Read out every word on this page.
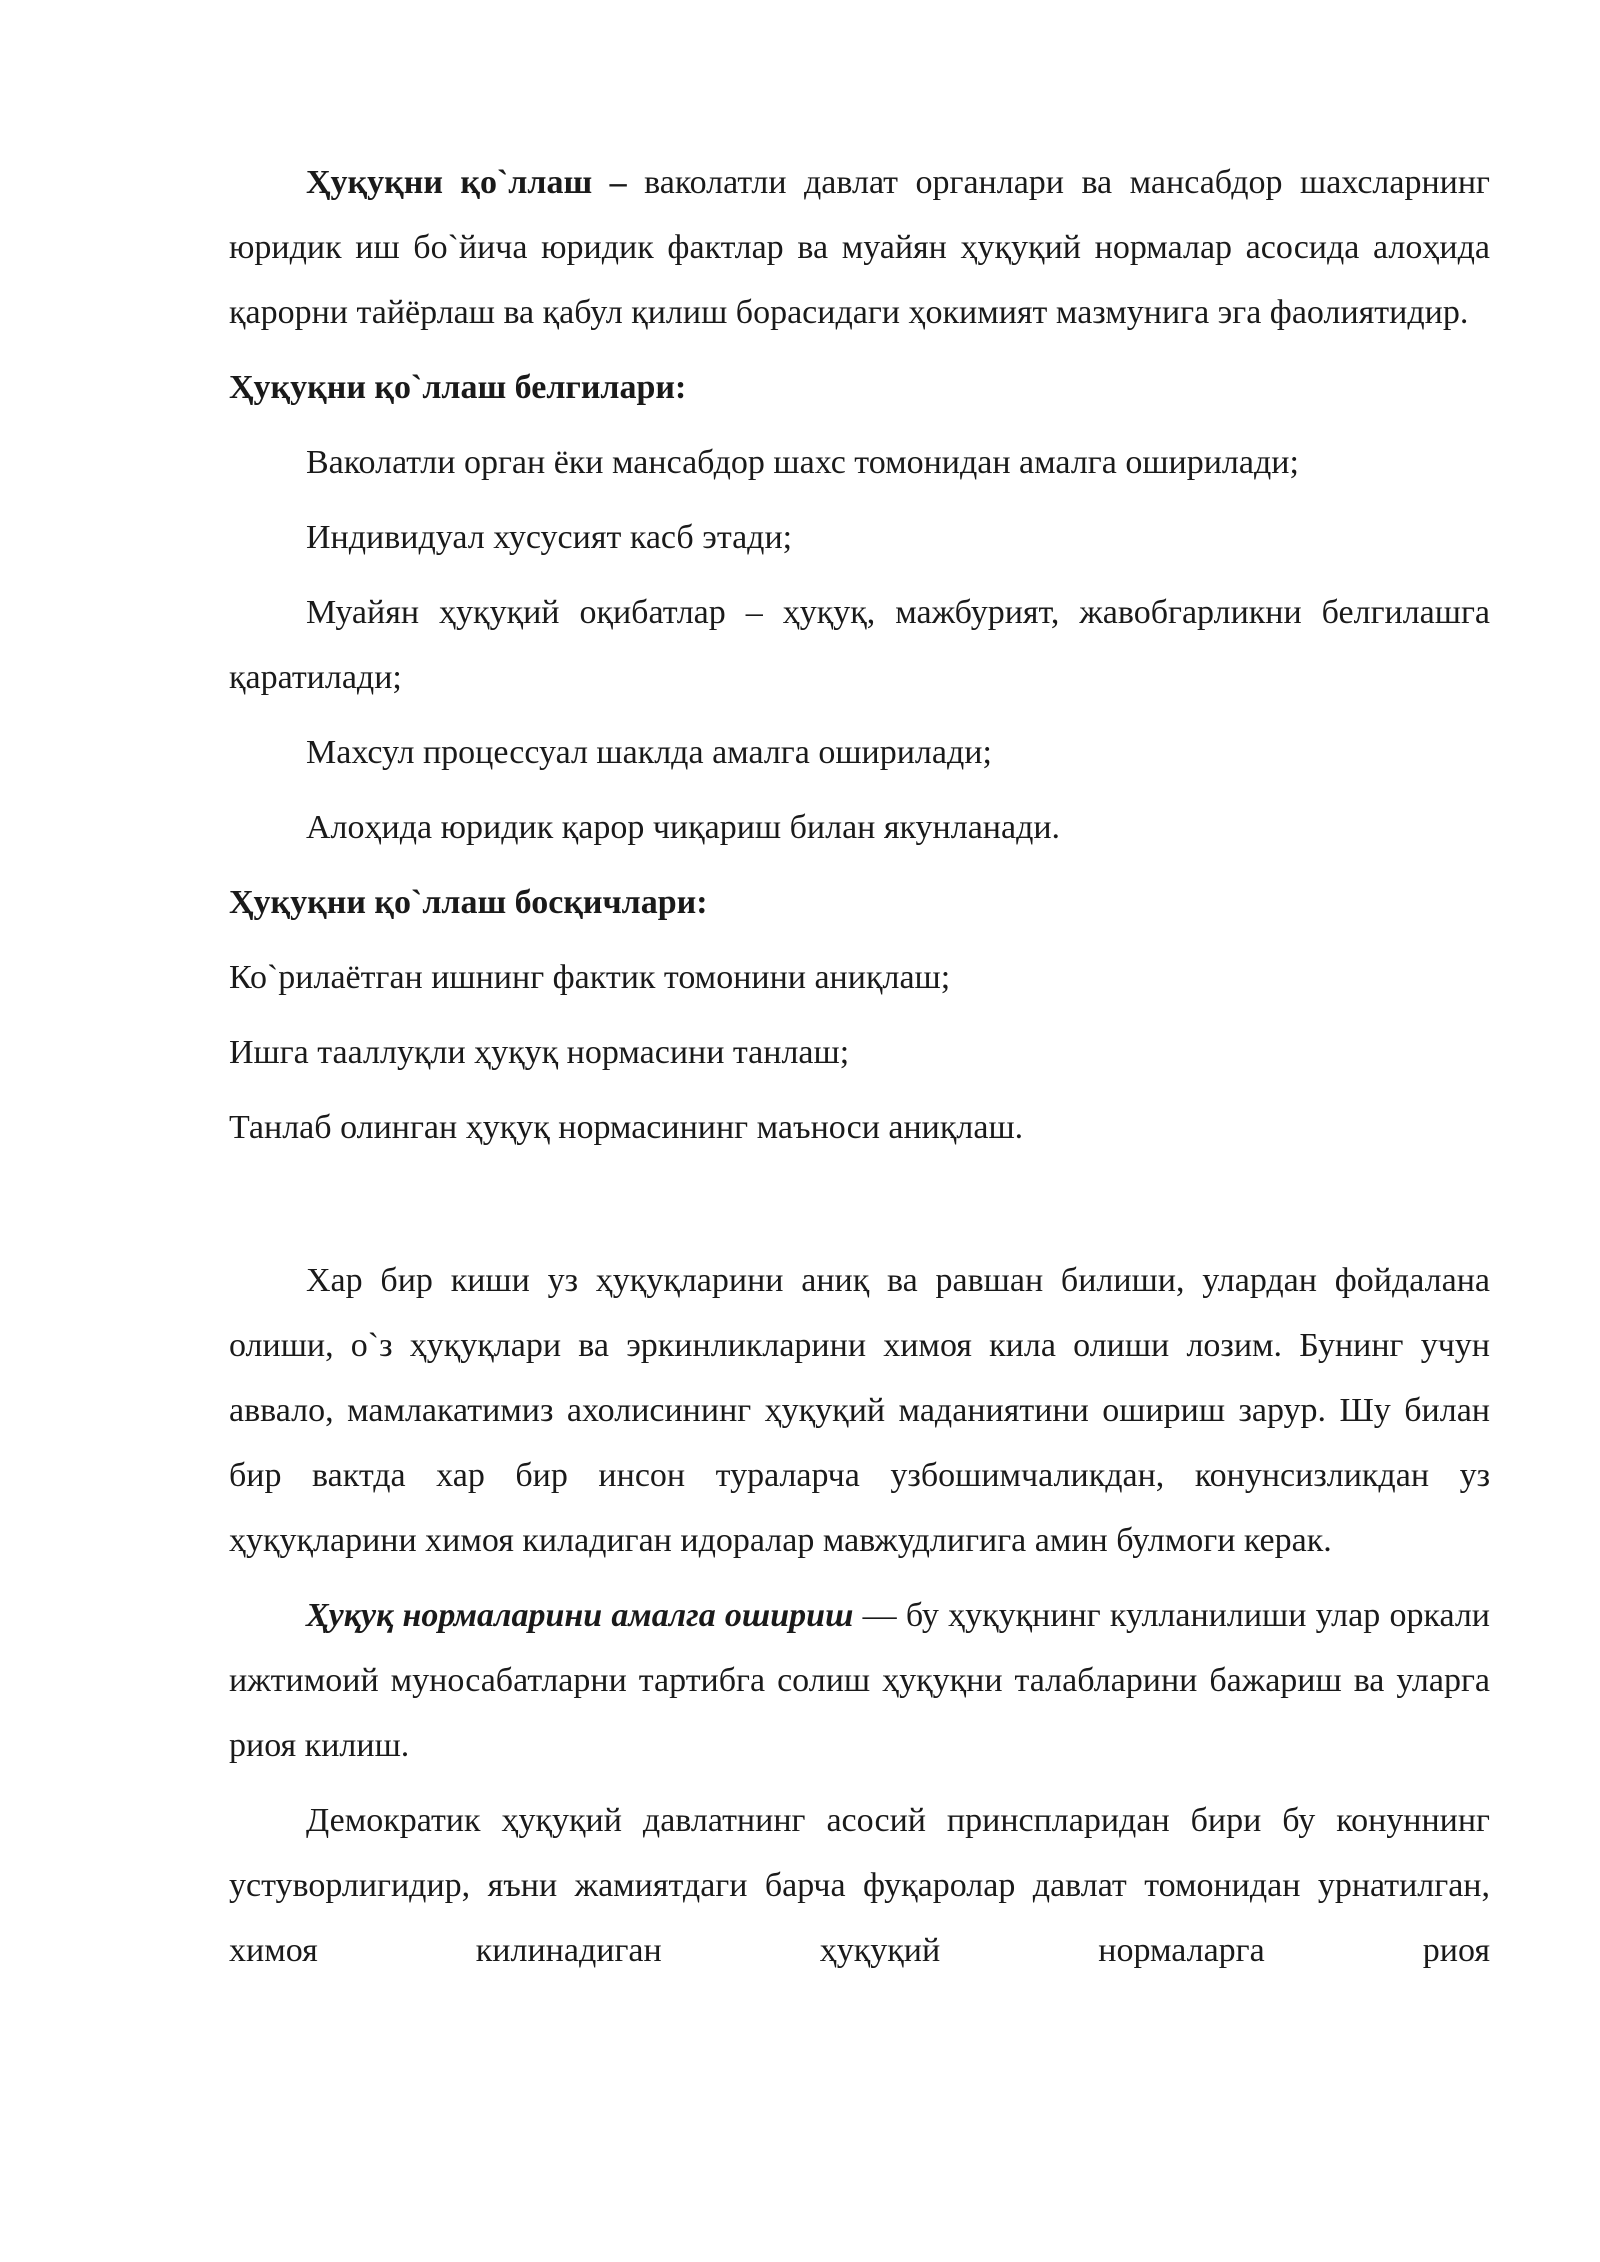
Ҳуқуқни қо`ллаш – ваколатли давлат органлари ва мансабдор шахсларнинг юридик иш бо`йича юридик фактлар ва муайян ҳуқуқий нормалар асосида алоҳида қарорни тайёрлаш ва қабул қилиш борасидаги ҳокимият мазмунига эга фаолиятидир.

Ҳуқуқни қо`ллаш белгилари:

Ваколатли орган ёки мансабдор шахс томонидан амалга оширилади;

Индивидуал хусусият касб этади;

Муайян ҳуқуқий оқибатлар – ҳуқуқ, мажбурият, жавобгарликни белгилашга қаратилади;

Махсул процессуал шаклда амалга оширилади;

Алоҳида юридик қарор чиқариш билан якунланади.

Ҳуқуқни қо`ллаш босқичлари:

Ко`рилаётган ишнинг фактик томонини аниқлаш;

Ишга тааллуқли ҳуқуқ нормасини танлаш;

Танлаб олинган ҳуқуқ нормасининг маъноси аниқлаш.

Хар бир киши уз ҳуқуқларини аниқ ва равшан билиши, улардан фойдалана олиши, о`з ҳуқуқлари ва эркинликларини химоя кила олиши лозим. Бунинг учун аввало, мамлакатимиз ахолисининг ҳуқуқий маданиятини ошириш зарур. Шу билан бир вактда хар бир инсон тураларча узбошимчаликдан, конунсизликдан уз ҳуқуқларини химоя киладиган идоралар мавжудлигига амин булмоги керак.

Ҳуқуқ нормаларини амалга ошириш — бу ҳуқуқнинг кулланилиши улар оркали ижтимоий муносабатларни тартибга солиш ҳуқуқни талабларини бажариш ва уларга риоя килиш.

Демократик ҳуқуқий давлатнинг асосий принспларидан бири бу конуннинг устуворлигидир, яъни жамиятдаги барча фуқаролар давлат томонидан урнатилган, химоя килинадиган ҳуқуқий нормаларга риоя
